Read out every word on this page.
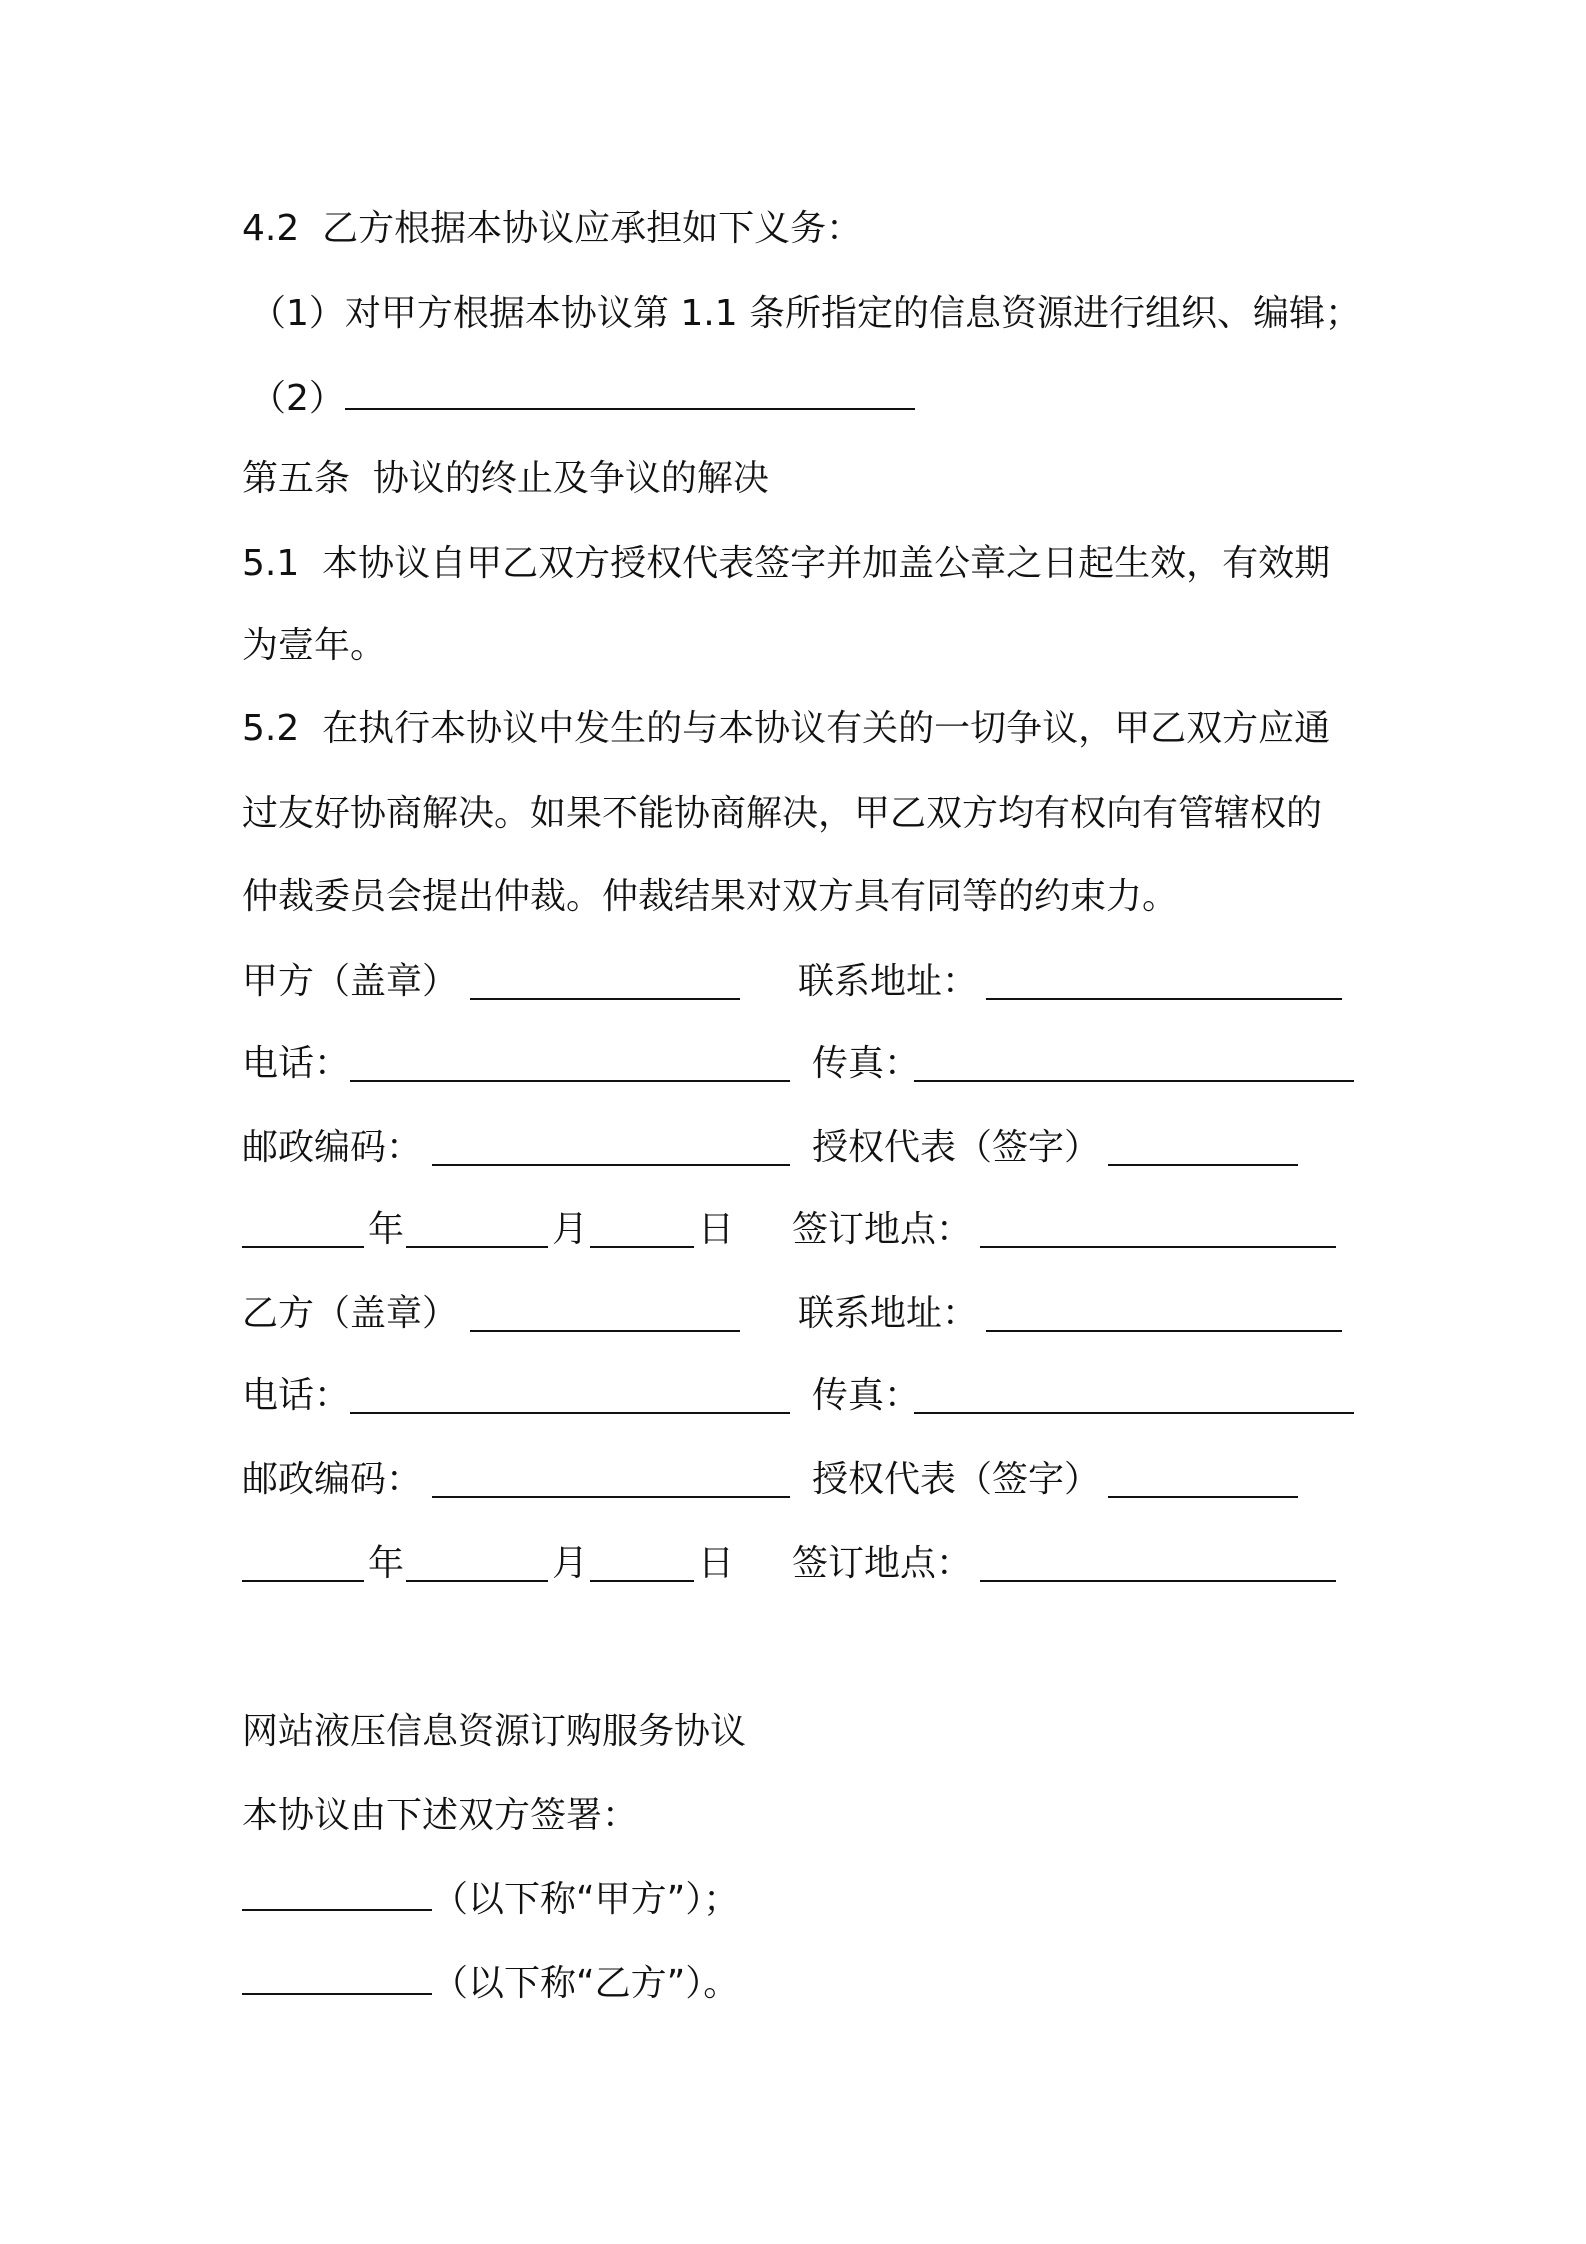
4.2  乙方根据本协议应承担如下义务：
（1）对甲方根据本协议第 1.1 条所指定的信息资源进行组织、编辑；
（2）
第五条  协议的终止及争议的解决
5.1  本协议自甲乙双方授权代表签字并加盖公章之日起生效，有效期
为壹年。
5.2  在执行本协议中发生的与本协议有关的一切争议，甲乙双方应通
过友好协商解决。如果不能协商解决，甲乙双方均有权向有管辖权的
仲裁委员会提出仲裁。仲裁结果对双方具有同等的约束力。
甲方（盖章）	联系地址：
电话：	传真：
邮政编码：	授权代表（签字）
年	月	日 签订地点：
乙方（盖章）	联系地址：
电话：	传真：
邮政编码：	授权代表（签字）
年	月	日 签订地点：
网站液压信息资源订购服务协议
本协议由下述双方签署：
（以下称“甲方”）；
（以下称“乙方”）。
